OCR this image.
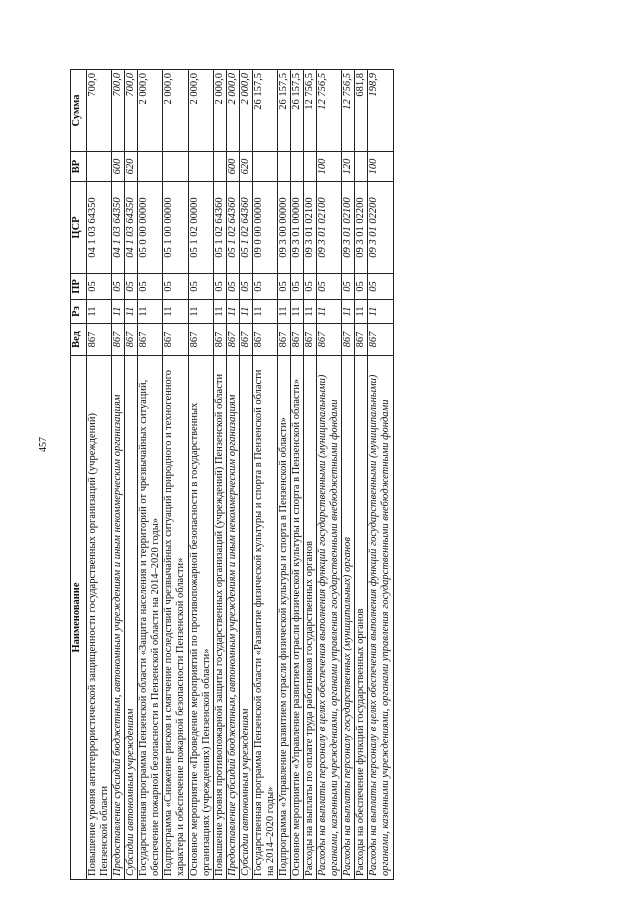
457
Наименование	Вед	Рз	ПР	ЦСР	ВР	Сумма
Повышение уровня антитеррористической защищенности государственных организаций (учреждений) Пензенской области	867	11	05	04 1 03 64350		700,0
Предоставление субсидий бюджетным, автономным учреждениям и иным некоммерческим организациям	867	11	05	04 1 03 64350	600	700,0
Субсидии автономным учреждениям	867	11	05	04 1 03 64350	620	700,0
Государственная программа Пензенской области «Защита населения и территорий от чрезвычайных ситуаций, обеспечение пожарной безопасности в Пензенской области на 2014–2020 годы»	867	11	05	05 0 00 00000		2 000,0
Подпрограмма «Снижение рисков и смягчение последствий чрезвычайных ситуаций природного и техногенного характера и обеспечение пожарной безопасности Пензенской области»	867	11	05	05 1 00 00000		2 000,0
Основное мероприятие «Проведение мероприятий по противопожарной безопасности в государственных организациях (учреждениях) Пензенской области»	867	11	05	05 1 02 00000		2 000,0
Повышение уровня противопожарной защиты государственных организаций (учреждений) Пензенской области	867	11	05	05 1 02 64360		2 000,0
Предоставление субсидий бюджетным, автономным учреждениям и иным некоммерческим организациям	867	11	05	05 1 02 64360	600	2 000,0
Субсидии автономным учреждениям	867	11	05	05 1 02 64360	620	2 000,0
Государственная программа Пензенской области «Развитие физической культуры и спорта в Пензенской области на 2014–2020 годы»	867	11	05	09 0 00 00000		26 157,5
Подпрограмма «Управление развитием отрасли физической культуры и спорта в Пензенской области»	867	11	05	09 3 00 00000		26 157,5
Основное мероприятие «Управление развитием отрасли физической культуры и спорта в Пензенской области»	867	11	05	09 3 01 00000		26 157,5
Расходы на выплаты по оплате труда работников государственных органов	867	11	05	09 3 01 02100		12 756,5
Расходы на выплаты персоналу в целях обеспечения выполнения функций государственными (муниципальными) органами, казенными учреждениями, органами управления государственными внебюджетными фондами	867	11	05	09 3 01 02100	100	12 756,5
Расходы на выплаты персоналу государственных (муниципальных) органов	867	11	05	09 3 01 02100	120	12 756,5
Расходы на обеспечение функций государственных органов	867	11	05	09 3 01 02200		681,8
Расходы на выплаты персоналу в целях обеспечения выполнения функций государственными (муниципальными) органами, казенными учреждениями, органами управления государственными внебюджетными фондами	867	11	05	09 3 01 02200	100	198,9
